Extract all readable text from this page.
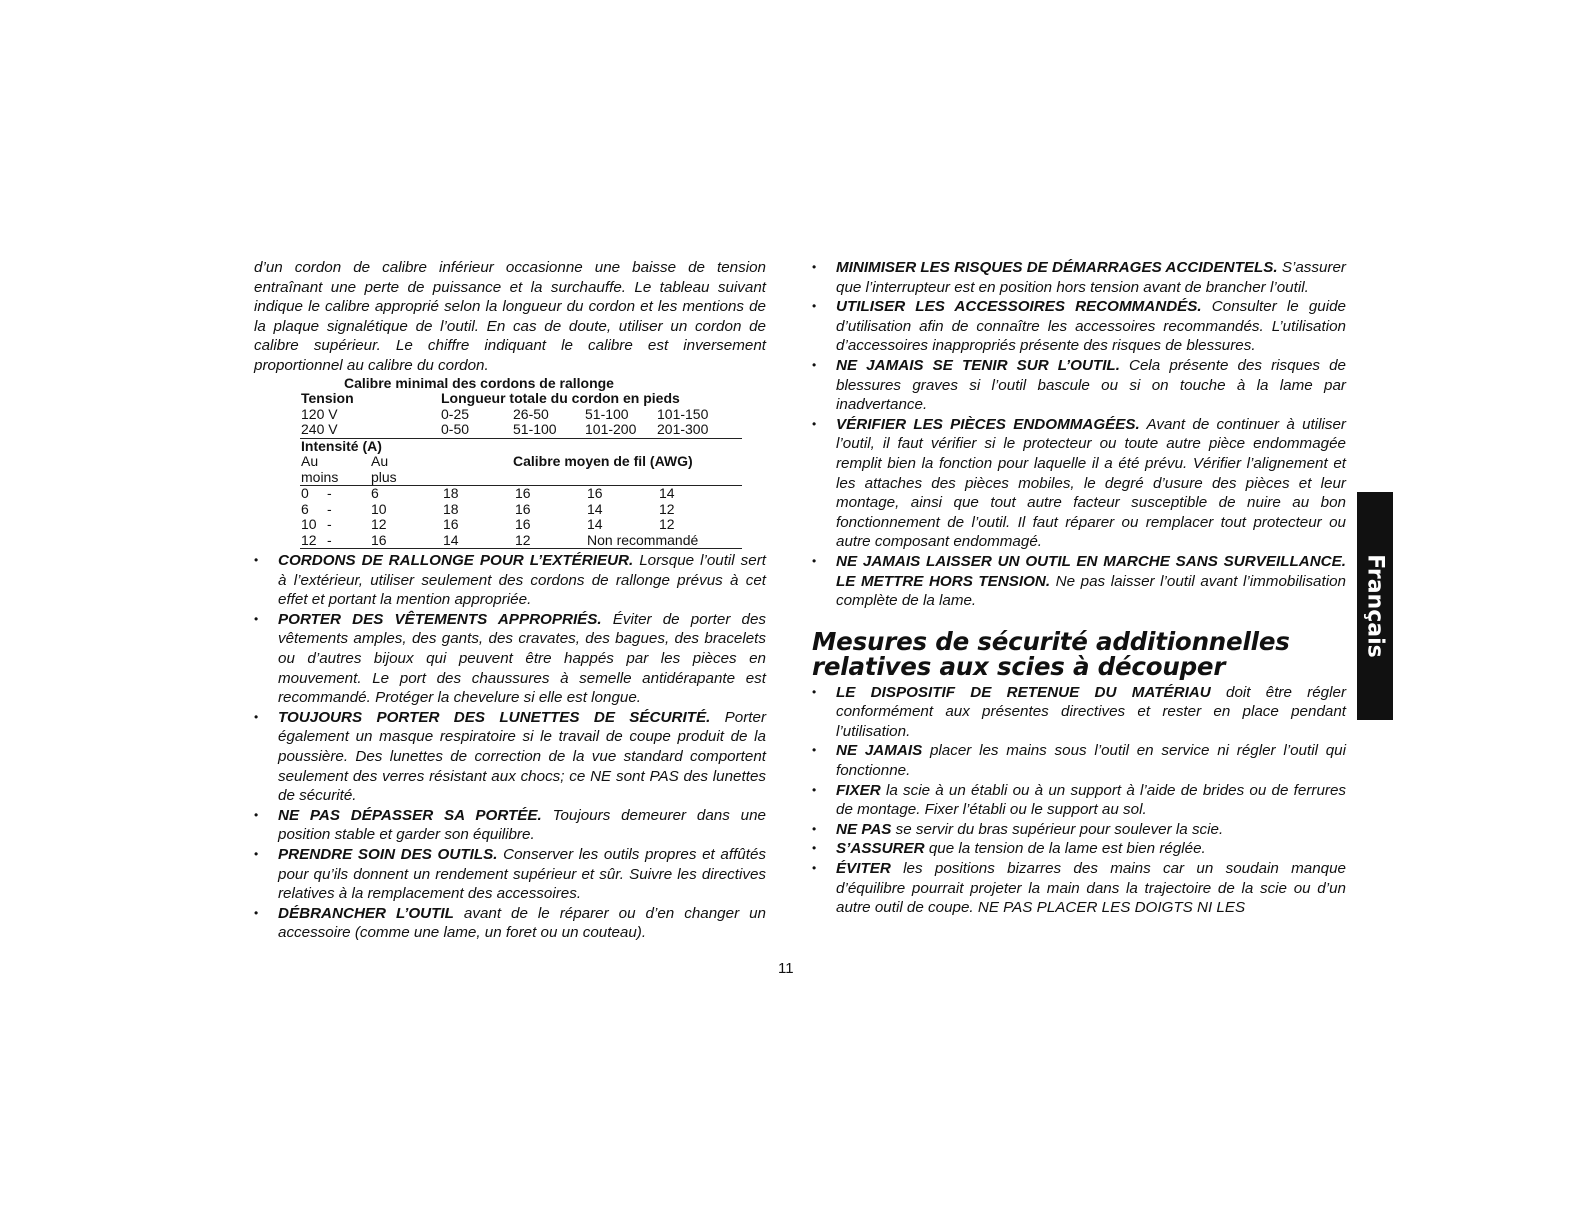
d’un cordon de calibre inférieur occasionne une baisse de tension entraînant une perte de puissance et la surchauffe. Le tableau suivant indique le calibre approprié selon la longueur du cordon et les mentions de la plaque signalétique de l’outil. En cas de doute, utiliser un cordon de calibre supérieur. Le chiffre indiquant le calibre est inversement proportionnel au calibre du cordon.

Calibre minimal des cordons de rallonge
Tension	Longueur totale du cordon en pieds
120 V	0-25	26-50	51-100	101-150
240 V	0-50	51-100	101-200	201-300
Intensité (A)
Au	Au	Calibre moyen de fil (AWG)
moins	plus
0	-	6	18	16	16	14
6	-	10	18	16	14	12
10 -	12	16	16	14	12
12 -	16	14	12	Non recommandé

• CORDONS DE RALLONGE POUR L’EXTÉRIEUR. Lorsque l’outil sert à l’extérieur, utiliser seulement des cordons de rallonge prévus à cet effet et portant la mention appropriée.

• PORTER DES VÊTEMENTS APPROPRIÉS. Éviter de porter des vêtements amples, des gants, des cravates, des bagues, des bracelets ou d’autres bijoux qui peuvent être happés par les pièces en mouvement. Le port des chaussures à semelle antidérapante est recommandé. Protéger la chevelure si elle est longue.

• TOUJOURS PORTER DES LUNETTES DE SÉCURITÉ. Porter également un masque respiratoire si le travail de coupe produit de la poussière. Des lunettes de correction de la vue standard comportent seulement des verres résistant aux chocs; ce NE sont PAS des lunettes de sécurité.

• NE PAS DÉPASSER SA PORTÉE. Toujours demeurer dans une position stable et garder son équilibre.

• PRENDRE SOIN DES OUTILS. Conserver les outils propres et affûtés pour qu’ils donnent un rendement supérieur et sûr. Suivre les directives relatives à la remplacement des accessoires.

• DÉBRANCHER L’OUTIL avant de le réparer ou d’en changer un accessoire (comme une lame, un foret ou un couteau).

• MINIMISER LES RISQUES DE DÉMARRAGES ACCIDENTELS. S’assurer que l’interrupteur est en position hors tension avant de brancher l’outil.

• UTILISER LES ACCESSOIRES RECOMMANDÉS. Consulter le guide d’utilisation afin de connaître les accessoires recommandés. L’utilisation d’accessoires inappropriés présente des risques de blessures.

• NE JAMAIS SE TENIR SUR L’OUTIL. Cela présente des risques de blessures graves si l’outil bascule ou si on touche à la lame par inadvertance.

• VÉRIFIER LES PIÈCES ENDOMMAGÉES. Avant de continuer à utiliser l’outil, il faut vérifier si le protecteur ou toute autre pièce endommagée remplit bien la fonction pour laquelle il a été prévu. Vérifier l’alignement et les attaches des pièces mobiles, le degré d’usure des pièces et leur montage, ainsi que tout autre facteur susceptible de nuire au bon fonctionnement de l’outil. Il faut réparer ou remplacer tout protecteur ou autre composant endommagé.

• NE JAMAIS LAISSER UN OUTIL EN MARCHE SANS SURVEILLANCE. LE METTRE HORS TENSION. Ne pas laisser l’outil avant l’immobilisation complète de la lame.

Mesures de sécurité additionnelles
relatives aux scies à découper

• LE DISPOSITIF DE RETENUE DU MATÉRIAU doit être régler conformément aux présentes directives et rester en place pendant l’utilisation.

• NE JAMAIS placer les mains sous l’outil en service ni régler l’outil qui fonctionne.

• FIXER la scie à un établi ou à un support à l’aide de brides ou de ferrures de montage. Fixer l’établi ou le support au sol.

• NE PAS se servir du bras supérieur pour soulever la scie.

• S’ASSURER que la tension de la lame est bien réglée.

• ÉVITER les positions bizarres des mains car un soudain manque d’équilibre pourrait projeter la main dans la trajectoire de la scie ou d’un autre outil de coupe. NE PAS PLACER LES DOIGTS NI LES

Français
11
